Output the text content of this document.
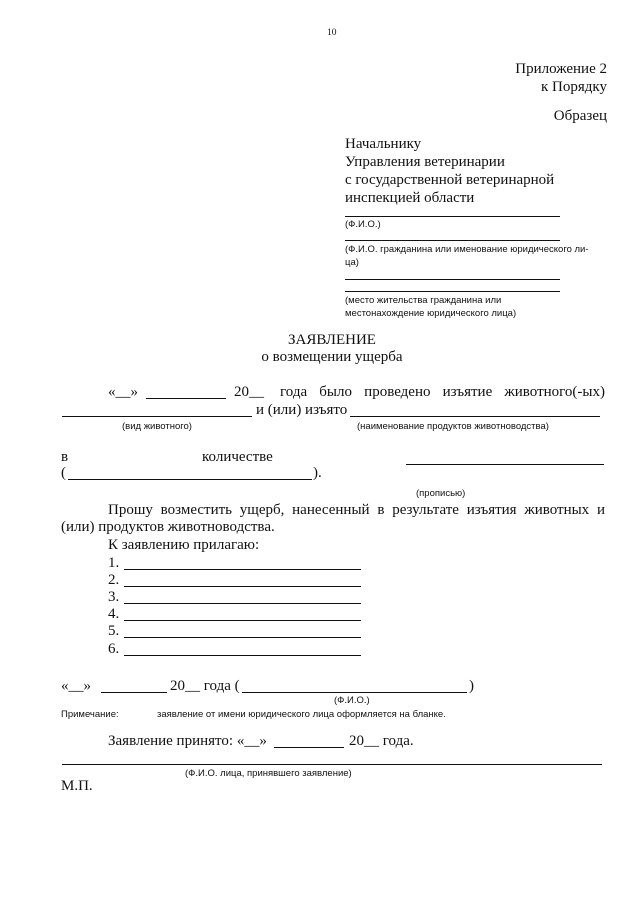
10
Приложение 2
к Порядку
Образец
Начальнику
Управления ветеринарии
с государственной ветеринарной
инспекцией области
(Ф.И.О.)
(Ф.И.О. гражданина или именование юридического ли-
ца)
(место жительства гражданина или
местонахождение юридического лица)
ЗАЯВЛЕНИЕ
о возмещении ущерба
«__»	20__ года было проведено изъятие животного(-ых)
и (или) изъято
(вид животного)	(наименование продуктов животноводства)
в	количестве
(	).
(прописью)
Прошу возместить ущерб, нанесенный в результате изъятия животных и
(или) продуктов животноводства.
К заявлению прилагаю:
1.
2.
3.
4.
5.
6.
«__»	20__ года (	)
(Ф.И.О.)
Примечание:	заявление от имени юридического лица оформляется на бланке.
Заявление принято: «__»	20__ года.
(Ф.И.О. лица, принявшего заявление)
М.П.
